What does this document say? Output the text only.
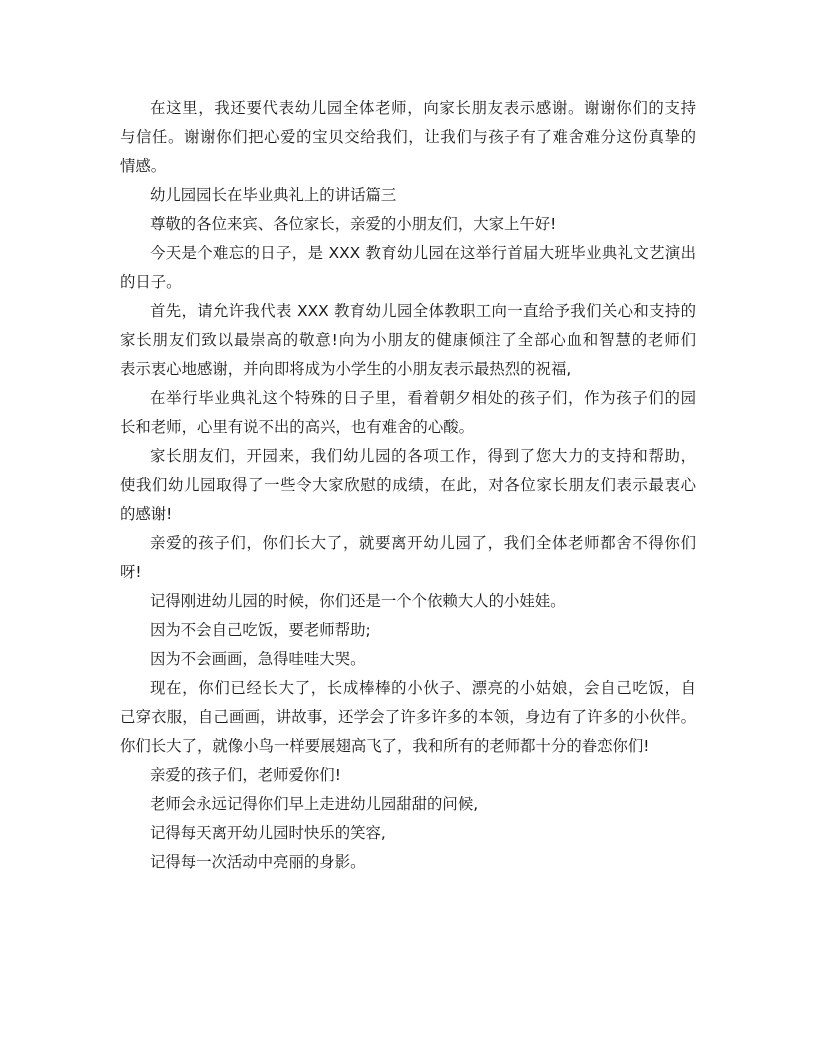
在这里，我还要代表幼儿园全体老师，向家长朋友表示感谢。谢谢你们的支持
与信任。谢谢你们把心爱的宝贝交给我们，让我们与孩子有了难舍难分这份真挚的
情感。
幼儿园园长在毕业典礼上的讲话篇三
尊敬的各位来宾、各位家长，亲爱的小朋友们，大家上午好!
今天是个难忘的日子，是 XXX 教育幼儿园在这举行首届大班毕业典礼文艺演出
的日子。
首先，请允许我代表 XXX 教育幼儿园全体教职工向一直给予我们关心和支持的
家长朋友们致以最崇高的敬意!向为小朋友的健康倾注了全部心血和智慧的老师们
表示衷心地感谢，并向即将成为小学生的小朋友表示最热烈的祝福,
在举行毕业典礼这个特殊的日子里，看着朝夕相处的孩子们，作为孩子们的园
长和老师，心里有说不出的高兴，也有难舍的心酸。
家长朋友们，开园来，我们幼儿园的各项工作，得到了您大力的支持和帮助，
使我们幼儿园取得了一些令大家欣慰的成绩，在此，对各位家长朋友们表示最衷心
的感谢!
亲爱的孩子们，你们长大了，就要离开幼儿园了，我们全体老师都舍不得你们
呀!
记得刚进幼儿园的时候，你们还是一个个依赖大人的小娃娃。
因为不会自己吃饭，要老师帮助;
因为不会画画，急得哇哇大哭。
现在，你们已经长大了，长成棒棒的小伙子、漂亮的小姑娘，会自己吃饭，自
己穿衣服，自己画画，讲故事，还学会了许多许多的本领，身边有了许多的小伙伴。
你们长大了，就像小鸟一样要展翅高飞了，我和所有的老师都十分的眷恋你们!
亲爱的孩子们，老师爱你们!
老师会永远记得你们早上走进幼儿园甜甜的问候,
记得每天离开幼儿园时快乐的笑容,
记得每一次活动中亮丽的身影。
